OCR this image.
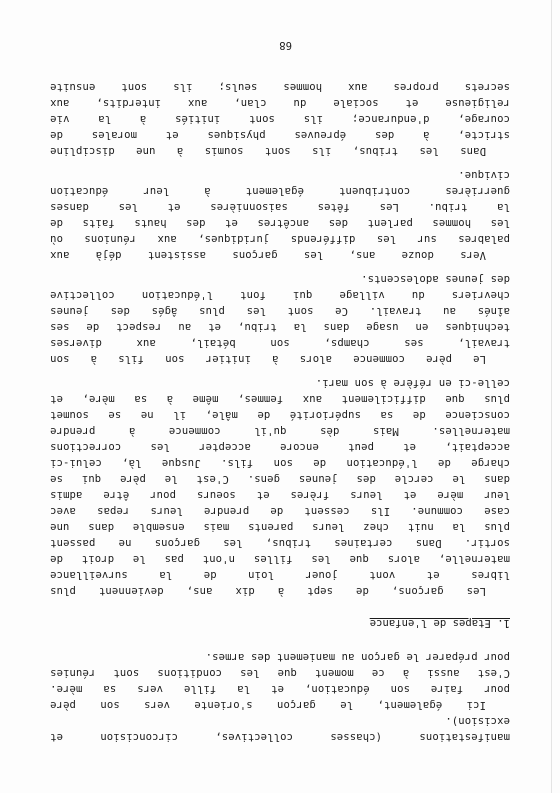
manifestations (chasses collectives, circoncision et
excision).
Ici également, le garçon s'oriente vers son père
pour faire son éducation, et la fille vers sa mère.
C'est aussi à ce moment que les conditions sont réunies
pour préparer le garçon au maniement des armes.
1. Etapes de l'enfance
Les garçons, de sept à dix ans, deviennent plus
libres et vont jouer loin de la surveillance
maternelle, alors que les filles n'ont pas le droit de
sortir. Dans certaines tribus, les garçons ne passent
plus la nuit chez leurs parents mais ensemble dans une
case commune. Ils cessent de prendre leurs repas avec
leur mère et leurs frères et soeurs pour être admis
dans le cercle des jeunes gens. C'est le père qui se
charge de l'éducation de son fils. Jusque là, celui-ci
acceptait, et peut encore accepter les corrections
maternelles. Mais dès qu'il commence à prendre
conscience de sa supériorité de mâle, il ne se soumet
plus que difficilement aux femmes, même à sa mère, et
celle-ci en réfère à son mari.
Le père commence alors à initier son fils à son
travail, ses champs, son bétail, aux diverses
techniques en usage dans la tribu, et au respect de ses
aînés au travail. Ce sont les plus âgés des jeunes
chevriers du village qui font l'éducation collective
des jeunes adolescents.
Vers douze ans, les garçons assistent déjà aux
palabres sur les différends juridiques, aux réunions où
les hommes parlent des ancêtres et des hauts faits de
la tribu. Les fêtes saisonnières et les danses
guerrières contribuent également à leur éducation
civique.
Dans les tribus, ils sont soumis à une discipline
stricte, à des épreuves physiques et morales de
courage, d'endurance; ils sont initiés à la vie
religieuse et sociale du clan, aux interdits, aux
secrets propres aux hommes seuls; ils sont ensuite
68
